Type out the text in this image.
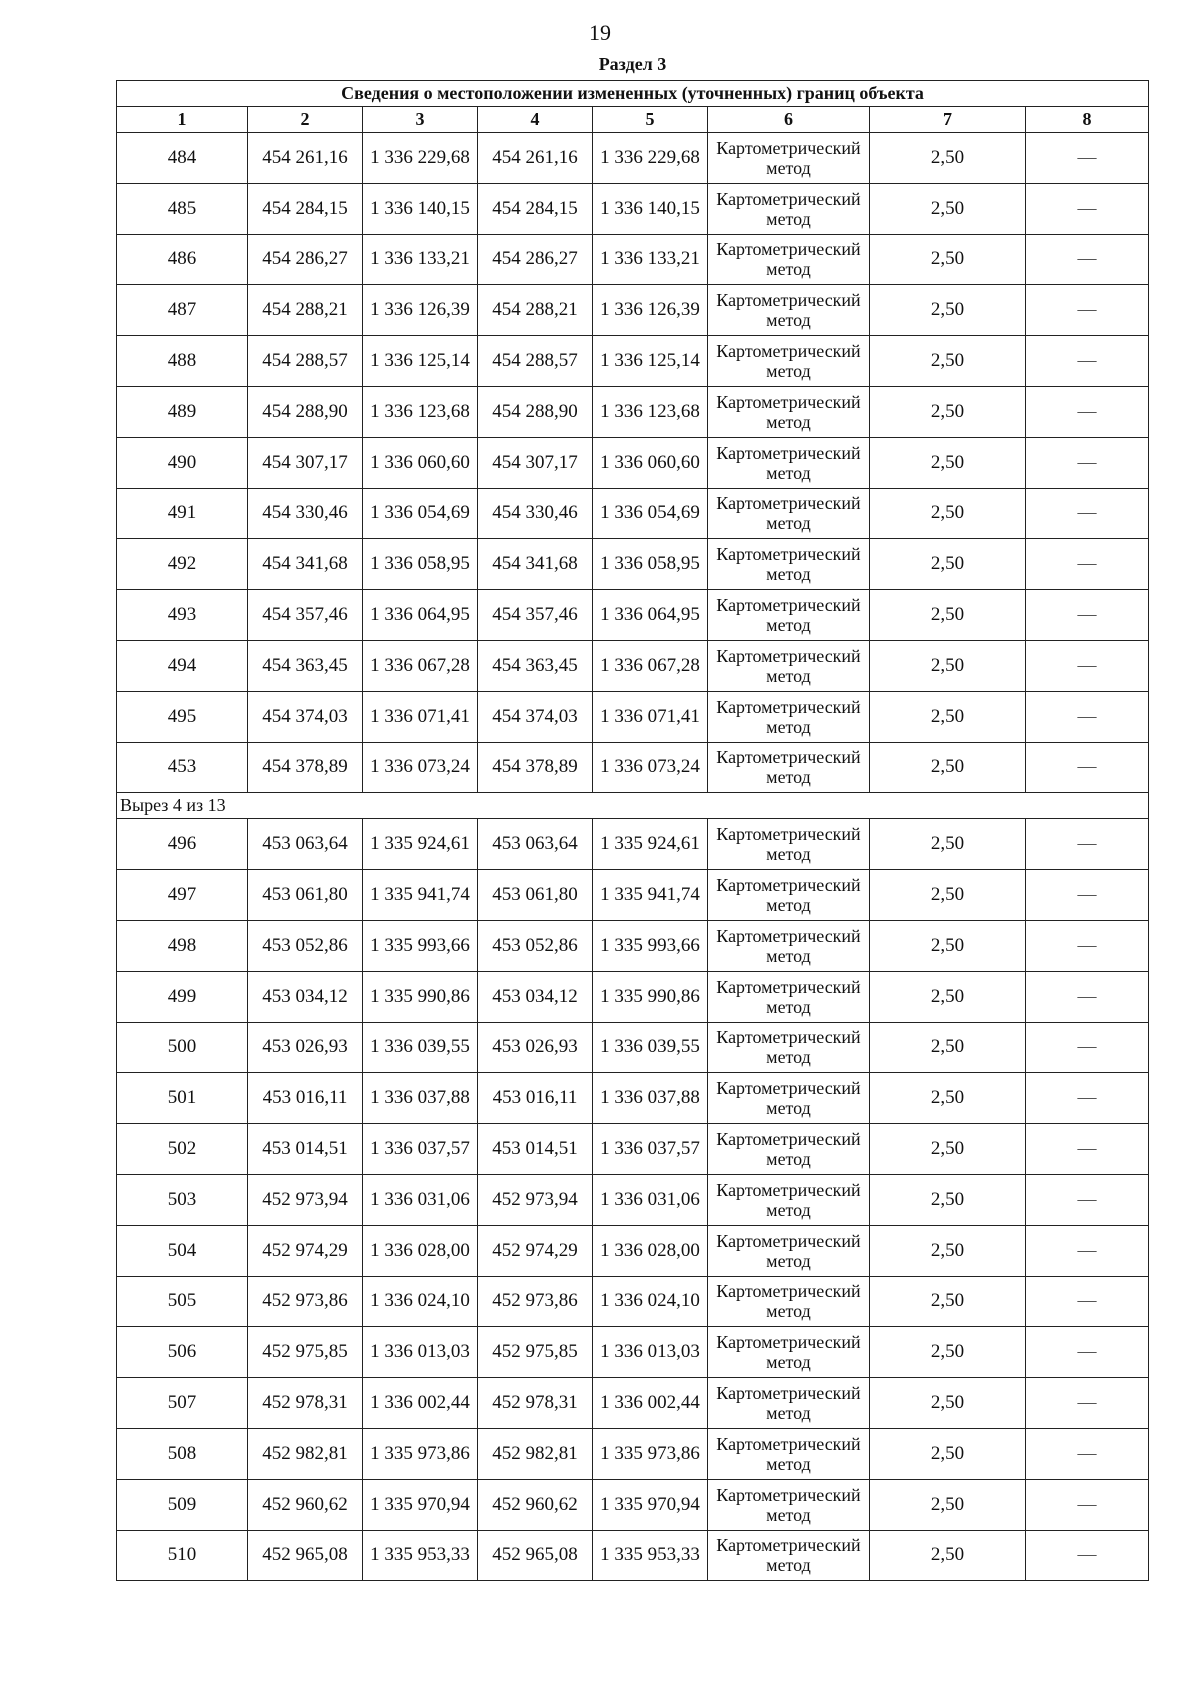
19
Раздел 3
Сведения о местоположении измененных (уточненных) границ объекта							
1	2	3	4	5	6	7	8
484	454 261,16	1 336 229,68	454 261,16	1 336 229,68	Картометрический метод	2,50	—
485	454 284,15	1 336 140,15	454 284,15	1 336 140,15	Картометрический метод	2,50	—
486	454 286,27	1 336 133,21	454 286,27	1 336 133,21	Картометрический метод	2,50	—
487	454 288,21	1 336 126,39	454 288,21	1 336 126,39	Картометрический метод	2,50	—
488	454 288,57	1 336 125,14	454 288,57	1 336 125,14	Картометрический метод	2,50	—
489	454 288,90	1 336 123,68	454 288,90	1 336 123,68	Картометрический метод	2,50	—
490	454 307,17	1 336 060,60	454 307,17	1 336 060,60	Картометрический метод	2,50	—
491	454 330,46	1 336 054,69	454 330,46	1 336 054,69	Картометрический метод	2,50	—
492	454 341,68	1 336 058,95	454 341,68	1 336 058,95	Картометрический метод	2,50	—
493	454 357,46	1 336 064,95	454 357,46	1 336 064,95	Картометрический метод	2,50	—
494	454 363,45	1 336 067,28	454 363,45	1 336 067,28	Картометрический метод	2,50	—
495	454 374,03	1 336 071,41	454 374,03	1 336 071,41	Картометрический метод	2,50	—
453	454 378,89	1 336 073,24	454 378,89	1 336 073,24	Картометрический метод	2,50	—
Вырез 4 из 13							
496	453 063,64	1 335 924,61	453 063,64	1 335 924,61	Картометрический метод	2,50	—
497	453 061,80	1 335 941,74	453 061,80	1 335 941,74	Картометрический метод	2,50	—
498	453 052,86	1 335 993,66	453 052,86	1 335 993,66	Картометрический метод	2,50	—
499	453 034,12	1 335 990,86	453 034,12	1 335 990,86	Картометрический метод	2,50	—
500	453 026,93	1 336 039,55	453 026,93	1 336 039,55	Картометрический метод	2,50	—
501	453 016,11	1 336 037,88	453 016,11	1 336 037,88	Картометрический метод	2,50	—
502	453 014,51	1 336 037,57	453 014,51	1 336 037,57	Картометрический метод	2,50	—
503	452 973,94	1 336 031,06	452 973,94	1 336 031,06	Картометрический метод	2,50	—
504	452 974,29	1 336 028,00	452 974,29	1 336 028,00	Картометрический метод	2,50	—
505	452 973,86	1 336 024,10	452 973,86	1 336 024,10	Картометрический метод	2,50	—
506	452 975,85	1 336 013,03	452 975,85	1 336 013,03	Картометрический метод	2,50	—
507	452 978,31	1 336 002,44	452 978,31	1 336 002,44	Картометрический метод	2,50	—
508	452 982,81	1 335 973,86	452 982,81	1 335 973,86	Картометрический метод	2,50	—
509	452 960,62	1 335 970,94	452 960,62	1 335 970,94	Картометрический метод	2,50	—
510	452 965,08	1 335 953,33	452 965,08	1 335 953,33	Картометрический метод	2,50	—
